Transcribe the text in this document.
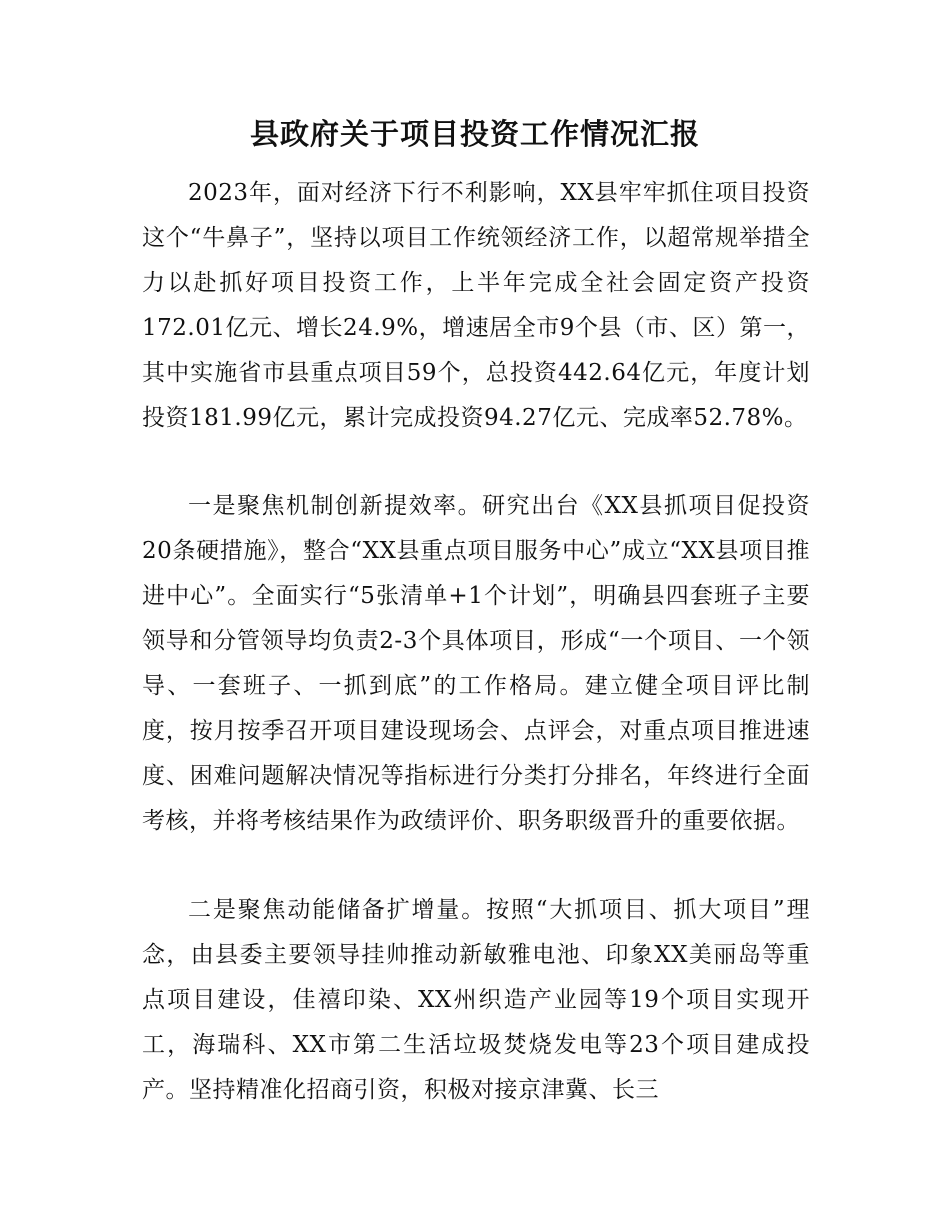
县政府关于项目投资工作情况汇报

2023年，面对经济下行不利影响，XX县牢牢抓住项目投资这个“牛鼻子”，坚持以项目工作统领经济工作，以超常规举措全力以赴抓好项目投资工作，上半年完成全社会固定资产投资172.01亿元、增长24.9%，增速居全市9个县（市、区）第一，其中实施省市县重点项目59个，总投资442.64亿元，年度计划投资181.99亿元，累计完成投资94.27亿元、完成率52.78%。

一是聚焦机制创新提效率。研究出台《XX县抓项目促投资20条硬措施》，整合“XX县重点项目服务中心”成立“XX县项目推进中心”。全面实行“5张清单+1个计划”，明确县四套班子主要领导和分管领导均负责2-3个具体项目，形成“一个项目、一个领导、一套班子、一抓到底”的工作格局。建立健全项目评比制度，按月按季召开项目建设现场会、点评会，对重点项目推进速度、困难问题解决情况等指标进行分类打分排名，年终进行全面考核，并将考核结果作为政绩评价、职务职级晋升的重要依据。

二是聚焦动能储备扩增量。按照“大抓项目、抓大项目”理念，由县委主要领导挂帅推动新敏雅电池、印象XX美丽岛等重点项目建设，佳禧印染、XX州织造产业园等19个项目实现开工，海瑞科、XX市第二生活垃圾焚烧发电等23个项目建成投产。坚持精准化招商引资，积极对接京津冀、长三
